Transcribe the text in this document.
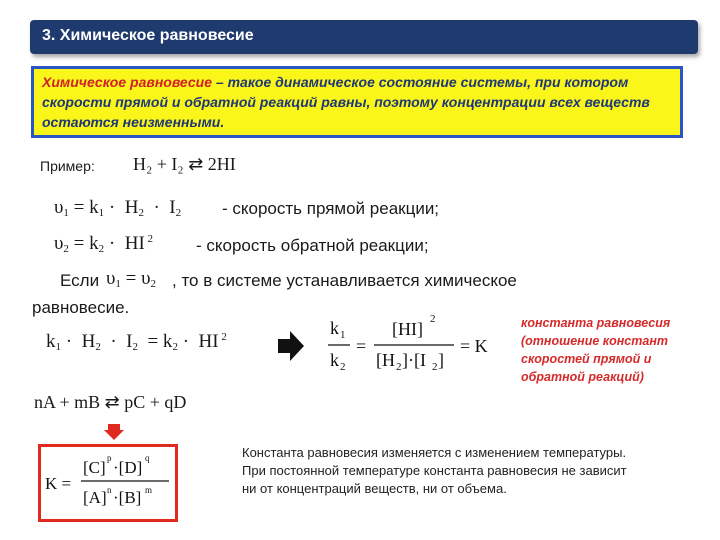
3. Химическое равновесие
Химическое равновесие – такое динамическое состояние системы, при котором скорости прямой и обратной реакций равны, поэтому концентрации всех веществ остаются неизменными.
Пример: H₂ + I₂ ⇄ 2HI
$\upsilon_1 = k_1 \cdot H_2 \cdot I_2$ - скорость прямой реакции;
$\upsilon_2 = k_2$ ·  HI $^2$	- скорость обратной реакции;
Если $\upsilon_1 = \upsilon_2$ , то в системе устанавливается химическое
равновесие.
$k_1 \cdot H_2 \cdot I_2 = k_2$ ·  HI $^2$	k 1
k 2
=
[HI] 2
[H 2 ]·[I 2 ]
= K
константа равновесия (отношение констант скоростей прямой и обратной реакций)
nA + mB ⇄ pC + qD
K =
[C] p ·[D] q
[A] n ·[B] m
Константа равновесия изменяется с изменением температуры.
При постоянной температуре константа равновесия не зависит
ни от концентраций веществ, ни от объема.
